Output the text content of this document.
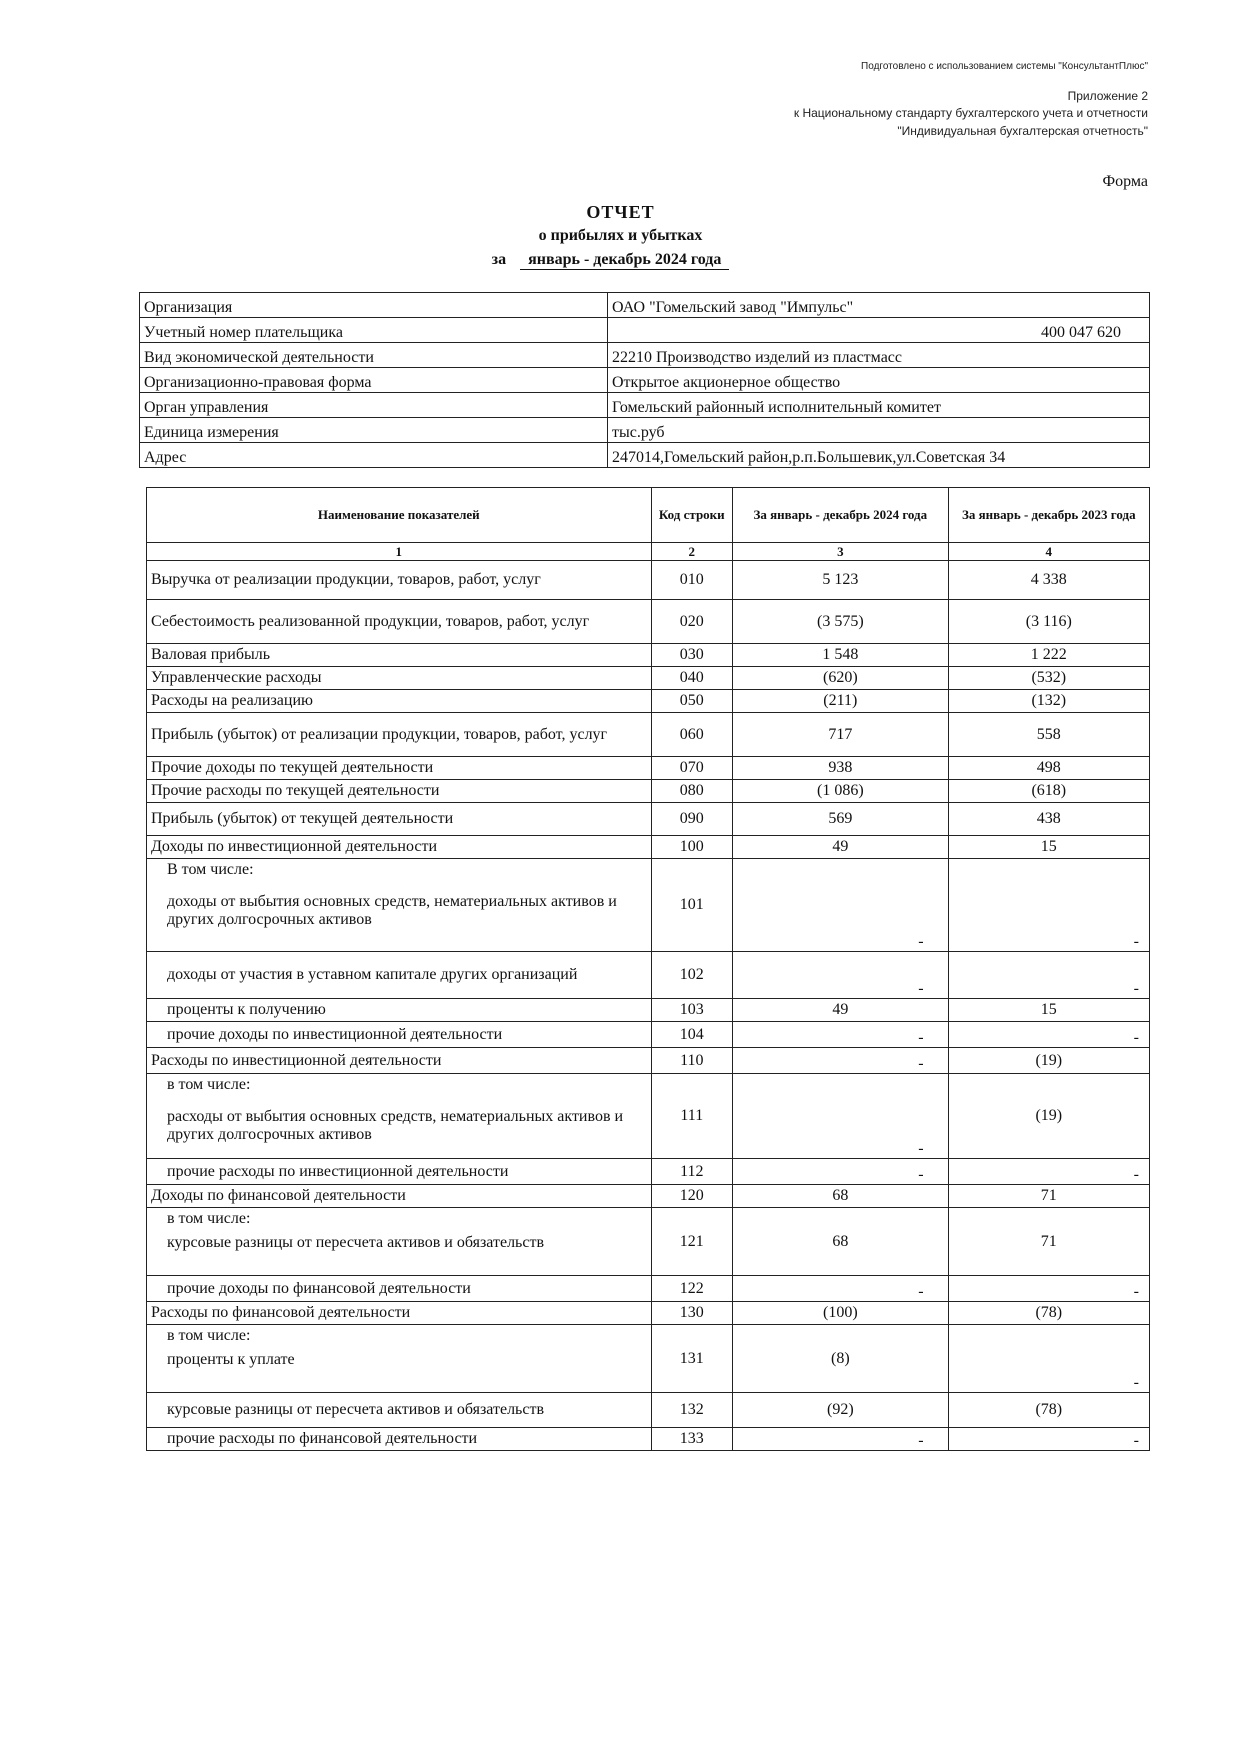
Подготовлено с использованием системы "КонсультантПлюс"
Приложение 2
к Национальному стандарту бухгалтерского учета и отчетности
"Индивидуальная бухгалтерская отчетность"
Форма
ОТЧЕТ
о прибылях и убытках
за январь - декабрь 2024 года
Организация	ОАО "Гомельский завод "Импульс"
Учетный номер плательщика	400 047 620
Вид экономической деятельности	22210 Производство изделий из пластмасс
Организационно-правовая форма	Открытое акционерное общество
Орган управления	Гомельский районный исполнительный комитет
Единица измерения	тыс.руб
Адрес	247014,Гомельский район,р.п.Большевик,ул.Советская 34
Наименование показателей	Код строки	За январь - декабрь 2024 года	За январь - декабрь 2023 года
1	2	3	4
Выручка от реализации продукции, товаров, работ, услуг	010	5 123	4 338
Себестоимость реализованной продукции, товаров, работ, услуг	020	(3 575)	(3 116)
Валовая прибыль	030	1 548	1 222
Управленческие расходы	040	(620)	(532)
Расходы на реализацию	050	(211)	(132)
Прибыль (убыток) от реализации продукции, товаров, работ, услуг	060	717	558
Прочие доходы по текущей деятельности	070	938	498
Прочие расходы по текущей деятельности	080	(1 086)	(618)
Прибыль (убыток) от текущей деятельности	090	569	438
Доходы по инвестиционной деятельности	100	49	15

В том числе:
доходы от выбытия основных средств, нематериальных активов и других долгосрочных активов	101	-	-
доходы от участия в уставном капитале других организаций	102	-	-
проценты к получению	103	49	15
прочие доходы по инвестиционной деятельности	104	-	-
Расходы по инвестиционной деятельности	110	-	(19)

в том числе:
расходы от выбытия основных средств, нематериальных активов и других долгосрочных активов	111	-	(19)
прочие расходы по инвестиционной деятельности	112	-	-
Доходы по финансовой деятельности	120	68	71

в том числе:
курсовые разницы от пересчета активов и обязательств	121	68	71
прочие доходы по финансовой деятельности	122	-	-
Расходы по финансовой деятельности	130	(100)	(78)

в том числе:
проценты к уплате	131	(8)	-
курсовые разницы от пересчета активов и обязательств	132	(92)	(78)
прочие расходы по финансовой деятельности	133	-	-
